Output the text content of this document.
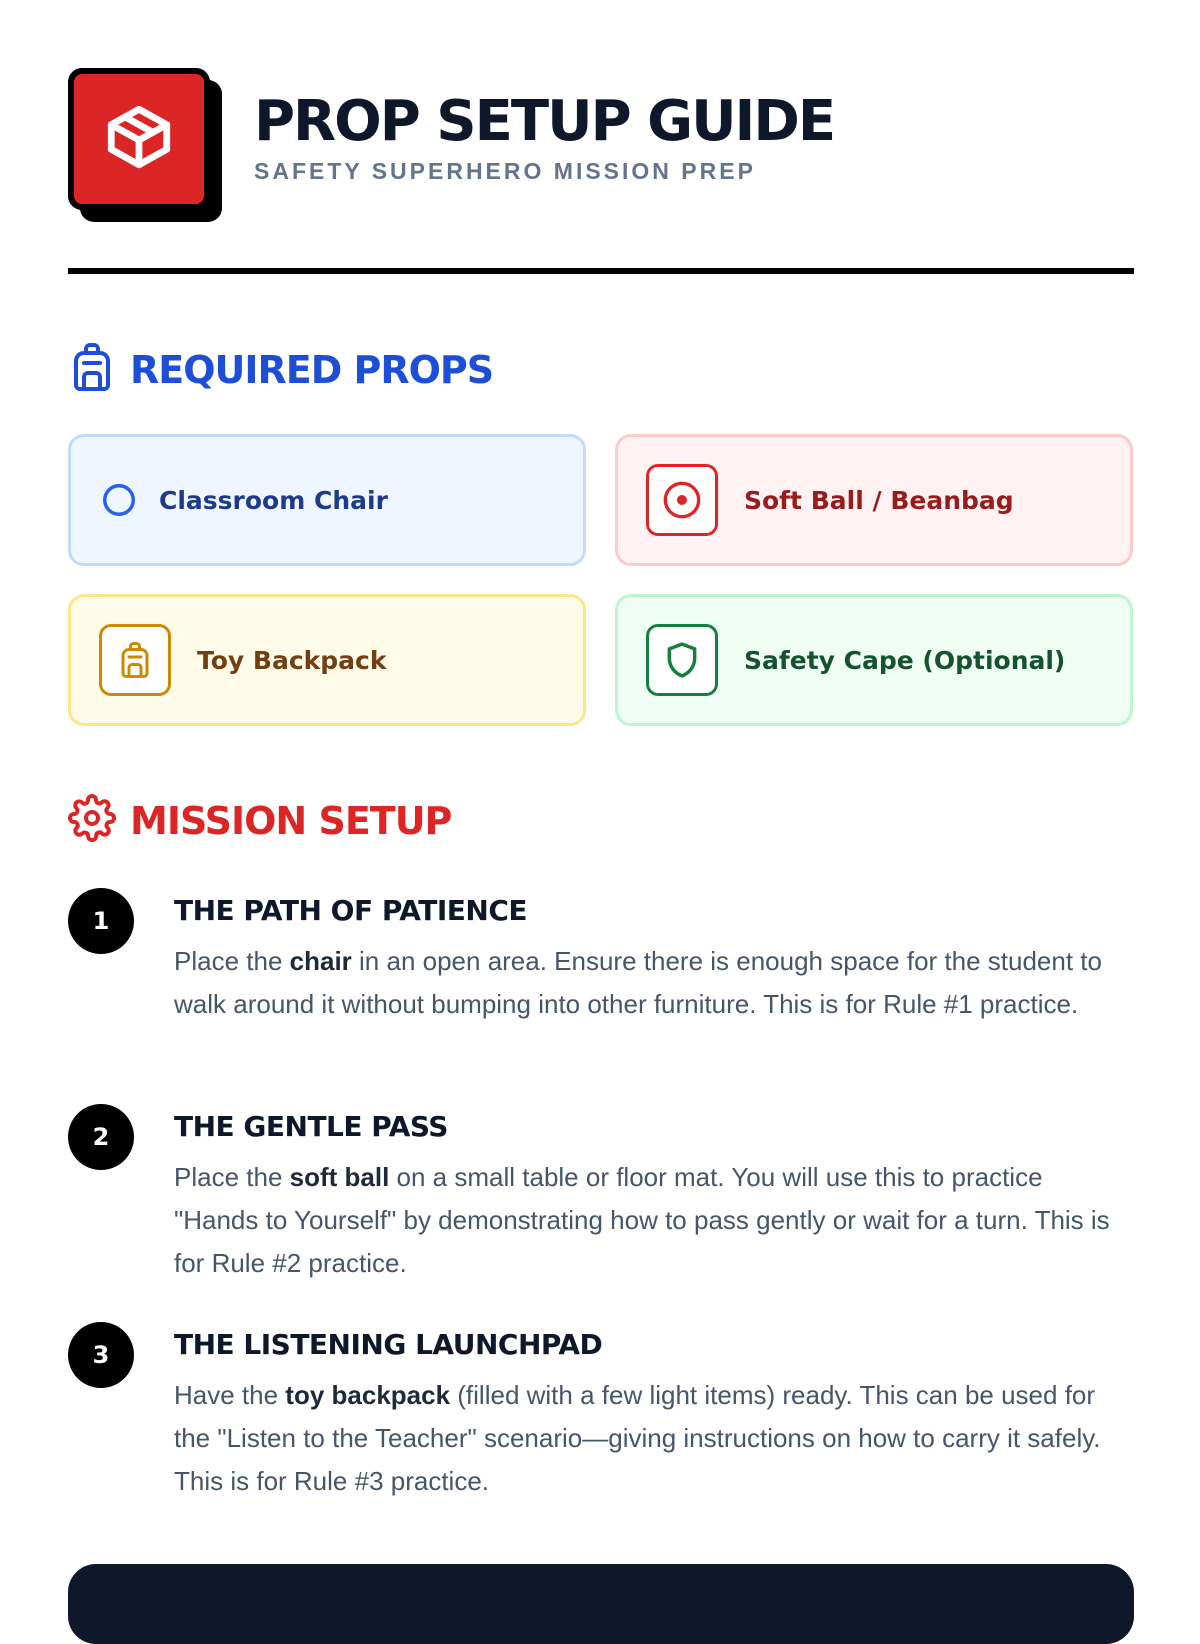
PROP SETUP GUIDE

SAFETY SUPERHERO MISSION PREP

REQUIRED PROPS
Classroom Chair	Soft Ball / Beanbag
Toy Backpack	Safety Cape (Optional)
MISSION SETUP
1	THE PATH OF PATIENCE

Place the chair in an open area. Ensure there is enough space for the student to walk around it without bumping into other furniture. This is for Rule #1 practice.

2	THE GENTLE PASS

Place the soft ball on a small table or floor mat. You will use this to practice "Hands to Yourself" by demonstrating how to pass gently or wait for a turn. This is for Rule #2 practice.

3	THE LISTENING LAUNCHPAD

Have the toy backpack (filled with a few light items) ready. This can be used for the "Listen to the Teacher" scenario—giving instructions on how to carry it safely. This is for Rule #3 practice.
